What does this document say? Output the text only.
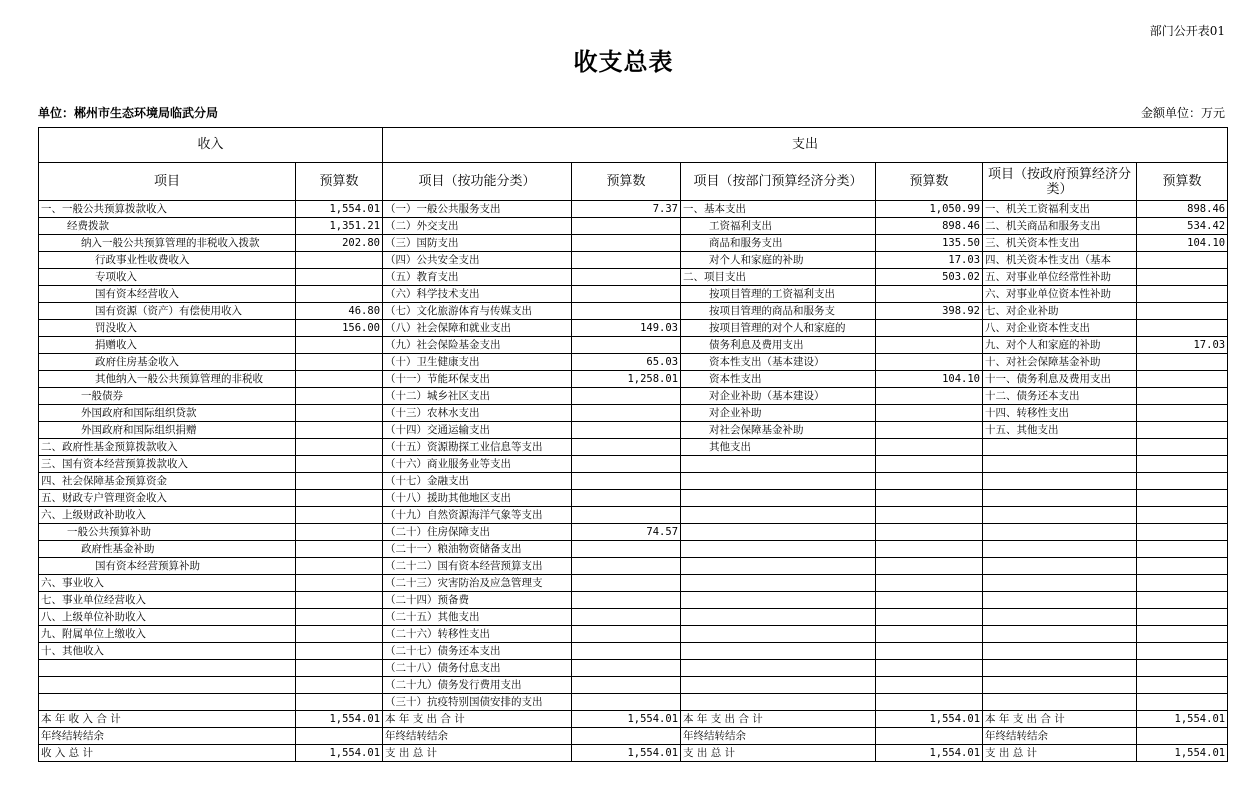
部门公开表01
收支总表
单位：郴州市生态环境局临武分局	金额单位：万元
收入		支出					
项目	预算数	项目（按功能分类）	预算数	项目（按部门预算经济分类）	预算数	项目（按政府预算经济分类）	预算数
一、一般公共预算拨款收入	1,554.01	（一）一般公共服务支出	7.37	一、基本支出	1,050.99	一、机关工资福利支出	898.46
经费拨款	1,351.21	（二）外交支出		工资福利支出	898.46	二、机关商品和服务支出	534.42
纳入一般公共预算管理的非税收入拨款	202.80	（三）国防支出		商品和服务支出	135.50	三、机关资本性支出	104.10
行政事业性收费收入		（四）公共安全支出		对个人和家庭的补助	17.03	四、机关资本性支出（基本	
专项收入		（五）教育支出		二、项目支出	503.02	五、对事业单位经常性补助	
国有资本经营收入		（六）科学技术支出		按项目管理的工资福利支出		六、对事业单位资本性补助	
国有资源（资产）有偿使用收入	46.80	（七）文化旅游体育与传媒支出		按项目管理的商品和服务支	398.92	七、对企业补助	
罚没收入	156.00	（八）社会保障和就业支出	149.03	按项目管理的对个人和家庭的		八、对企业资本性支出	
捐赠收入		（九）社会保险基金支出		债务利息及费用支出		九、对个人和家庭的补助	17.03
政府住房基金收入		（十）卫生健康支出	65.03	资本性支出（基本建设）		十、对社会保障基金补助	
其他纳入一般公共预算管理的非税收		（十一）节能环保支出	1,258.01	资本性支出	104.10	十一、债务利息及费用支出	
一般债券		（十二）城乡社区支出		对企业补助（基本建设）		十二、债务还本支出	
外国政府和国际组织贷款		（十三）农林水支出		对企业补助		十四、转移性支出	
外国政府和国际组织捐赠		（十四）交通运输支出		对社会保障基金补助		十五、其他支出	
二、政府性基金预算拨款收入		（十五）资源勘探工业信息等支出		其他支出			
三、国有资本经营预算拨款收入		（十六）商业服务业等支出					
四、社会保障基金预算资金		（十七）金融支出					
五、财政专户管理资金收入		（十八）援助其他地区支出					
六、上级财政补助收入		（十九）自然资源海洋气象等支出					
一般公共预算补助		（二十）住房保障支出	74.57				
政府性基金补助		（二十一）粮油物资储备支出					
国有资本经营预算补助		（二十二）国有资本经营预算支出					
六、事业收入		（二十三）灾害防治及应急管理支					
七、事业单位经营收入		（二十四）预备费					
八、上级单位补助收入		（二十五）其他支出					
九、附属单位上缴收入		（二十六）转移性支出					
十、其他收入		（二十七）债务还本支出					
		（二十八）债务付息支出					
		（二十九）债务发行费用支出					
		（三十）抗疫特别国债安排的支出					
本 年 收 入 合 计	1,554.01	本 年 支 出 合 计	1,554.01	本 年 支 出 合 计	1,554.01	本 年 支 出 合 计	1,554.01
年终结转结余		年终结转结余		年终结转结余		年终结转结余	
收 入 总 计	1,554.01	支 出 总 计	1,554.01	支 出 总 计	1,554.01	支 出 总 计	1,554.01
